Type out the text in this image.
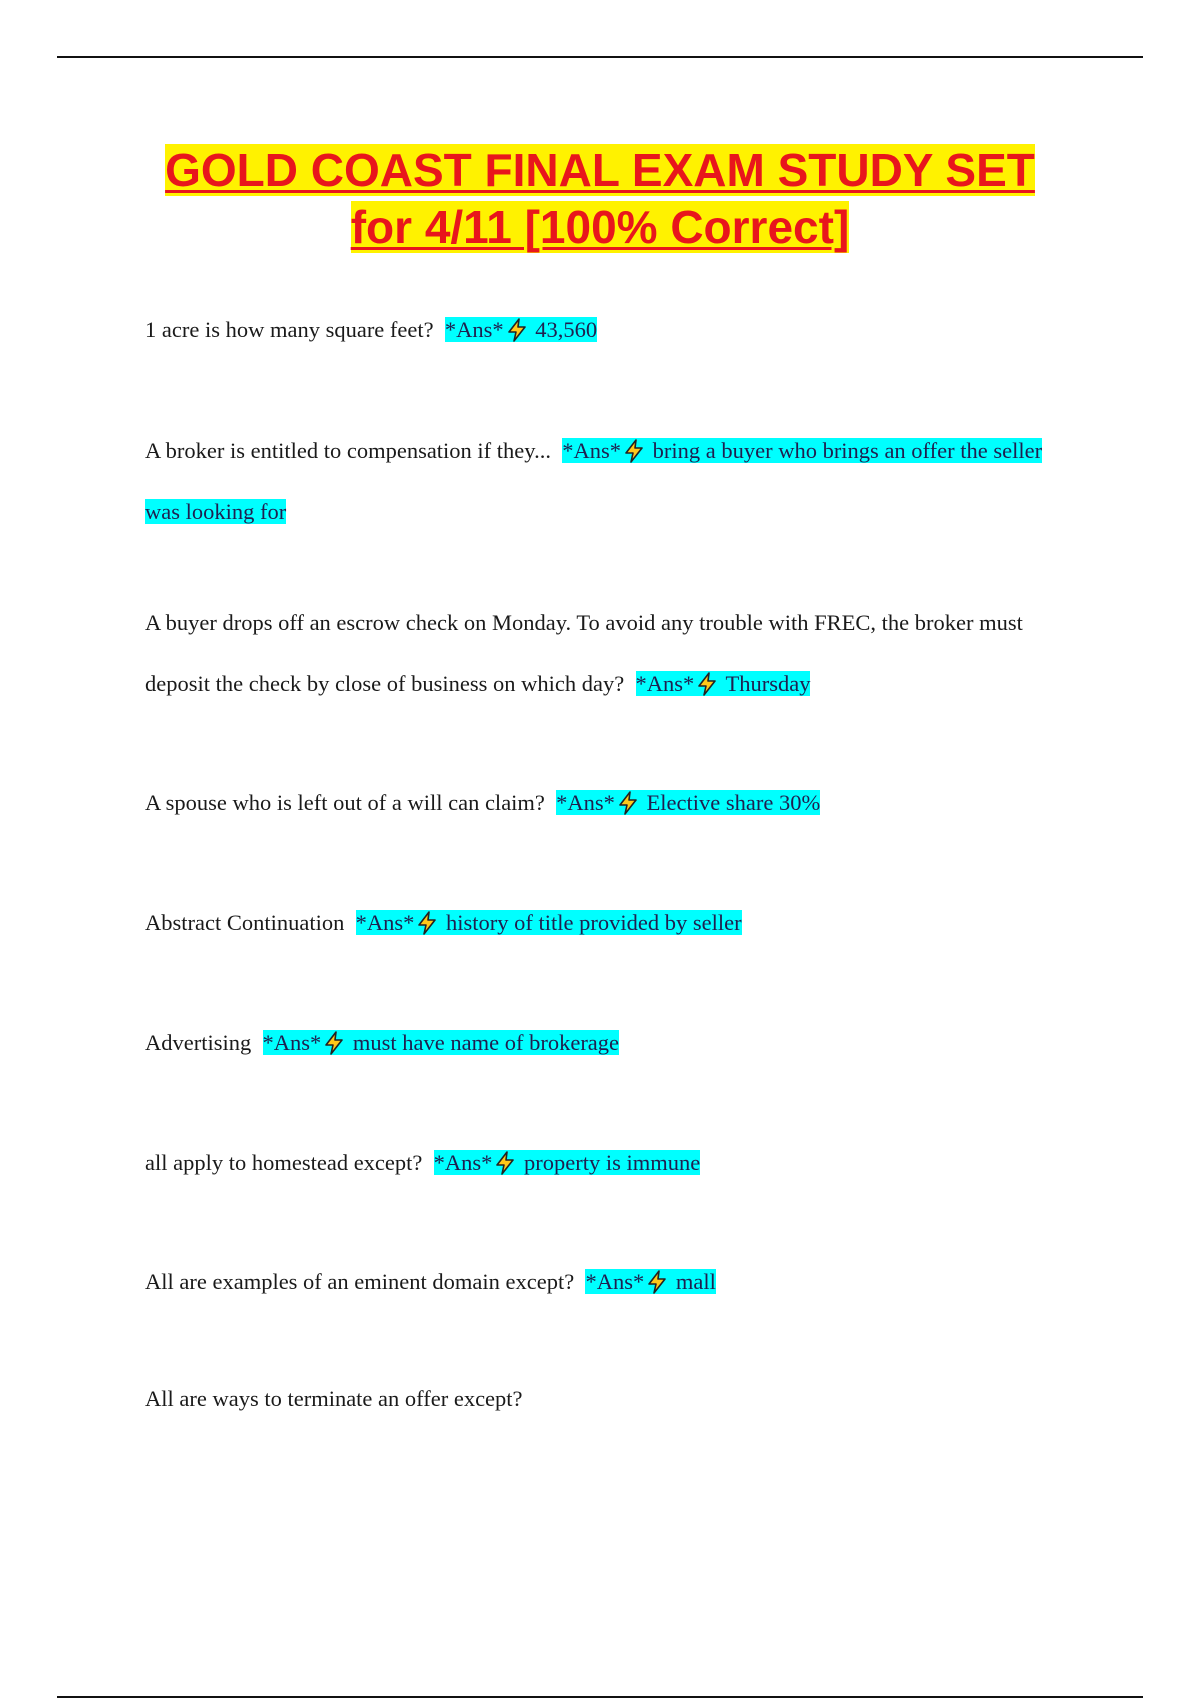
GOLD COAST FINAL EXAM STUDY SET
for 4/11 [100% Correct]
1 acre is how many square feet? *Ans* 43,560
A broker is entitled to compensation if they... *Ans* bring a buyer who brings an offer the seller was looking for
A buyer drops off an escrow check on Monday. To avoid any trouble with FREC, the broker must deposit the check by close of business on which day? *Ans* Thursday
A spouse who is left out of a will can claim? *Ans* Elective share 30%
Abstract Continuation *Ans* history of title provided by seller
Advertising *Ans* must have name of brokerage
all apply to homestead except? *Ans* property is immune
All are examples of an eminent domain except? *Ans* mall
All are ways to terminate an offer except?
